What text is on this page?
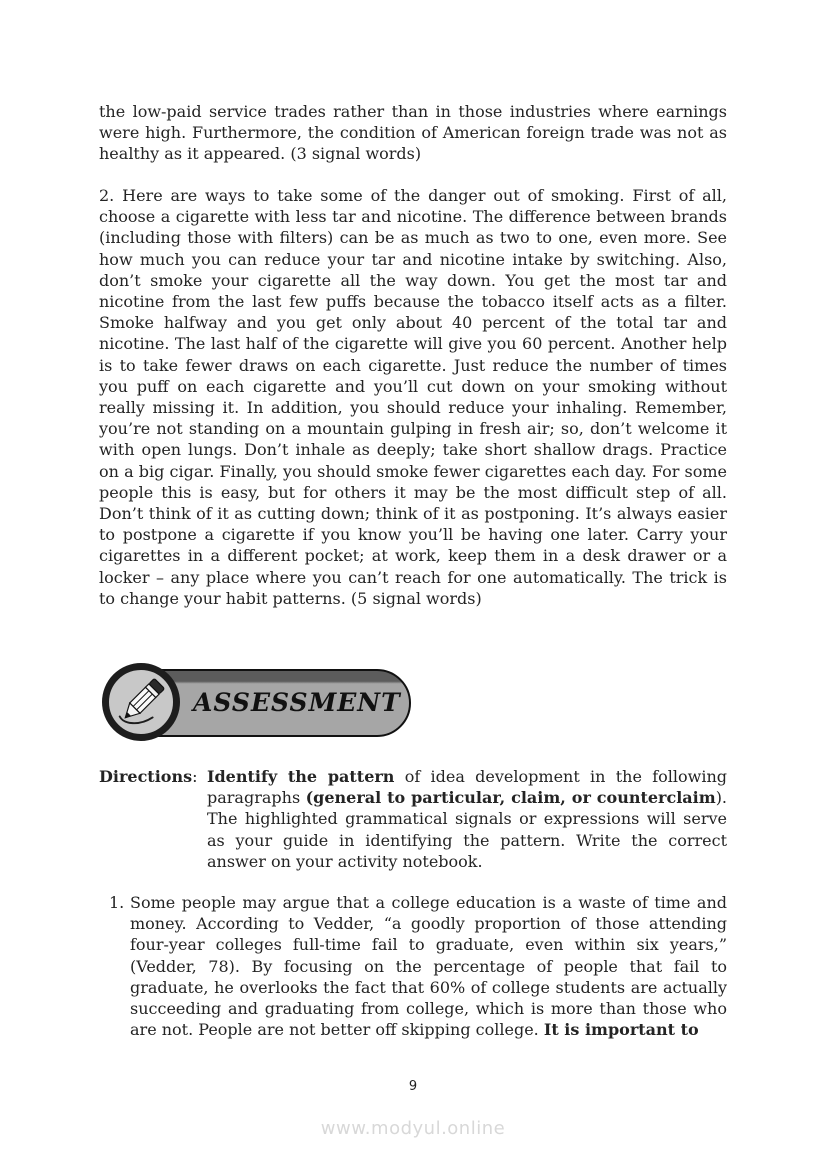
the low-paid service trades rather than in those industries where earnings were high. Furthermore, the condition of American foreign trade was not as healthy as it appeared. (3 signal words)

2. Here are ways to take some of the danger out of smoking. First of all, choose a cigarette with less tar and nicotine. The difference between brands (including those with filters) can be as much as two to one, even more. See how much you can reduce your tar and nicotine intake by switching. Also, don’t smoke your cigarette all the way down. You get the most tar and nicotine from the last few puffs because the tobacco itself acts as a filter. Smoke halfway and you get only about 40 percent of the total tar and nicotine. The last half of the cigarette will give you 60 percent. Another help is to take fewer draws on each cigarette. Just reduce the number of times you puff on each cigarette and you’ll cut down on your smoking without really missing it. In addition, you should reduce your inhaling. Remember, you’re not standing on a mountain gulping in fresh air; so, don’t welcome it with open lungs. Don’t inhale as deeply; take short shallow drags. Practice on a big cigar. Finally, you should smoke fewer cigarettes each day. For some people this is easy, but for others it may be the most difficult step of all. Don’t think of it as cutting down; think of it as postponing. It’s always easier to postpone a cigarette if you know you’ll be having one later. Carry your cigarettes in a different pocket; at work, keep them in a desk drawer or a locker – any place where you can’t reach for one automatically. The trick is to change your habit patterns. (5 signal words)

ASSESSMENT
Directions: Identify the pattern of idea development in the following paragraphs (general to particular, claim, or counterclaim). The highlighted grammatical signals or expressions will serve as your guide in identifying the pattern. Write the correct answer on your activity notebook.

1. Some people may argue that a college education is a waste of time and money. According to Vedder, “a goodly proportion of those attending four-year colleges full-time fail to graduate, even within six years,” (Vedder, 78). By focusing on the percentage of people that fail to graduate, he overlooks the fact that 60% of college students are actually succeeding and graduating from college, which is more than those who are not. People are not better off skipping college. It is important to

9
www.modyul.online
